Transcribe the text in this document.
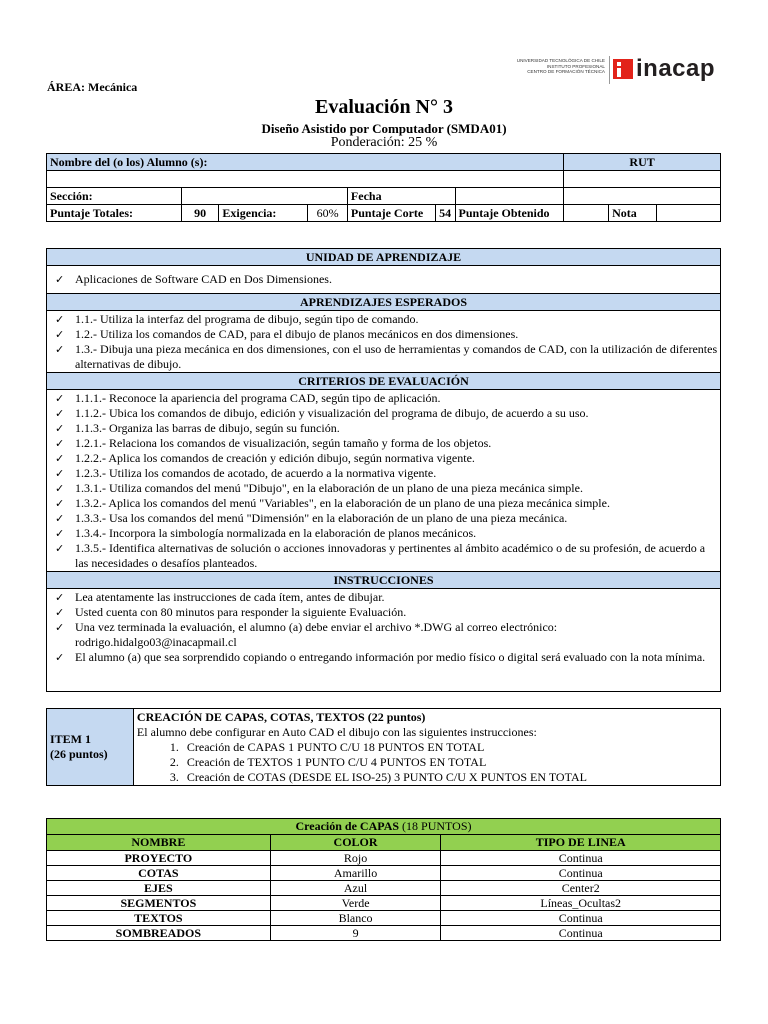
ÁREA: Mecánica
Evaluación N° 3
Diseño Asistido por Computador (SMDA01)
Ponderación: 25 %
UNIVERSIDAD TECNOLÓGICA DE CHILE
INSTITUTO PROFESIONAL
CENTRO DE FORMACIÓN TÉCNICA inacap
Nombre del (o los) Alumno (s):							RUT		

Sección:				Fecha					
Puntaje Totales:	90	Exigencia:	60%	Puntaje Corte	54	Puntaje Obtenido		Nota	
UNIDAD DE APRENDIZAJE
✓ Aplicaciones de Software CAD en Dos Dimensiones.
APRENDIZAJES ESPERADOS
✓ 1.1.- Utiliza la interfaz del programa de dibujo, según tipo de comando.
✓ 1.2.- Utiliza los comandos de CAD, para el dibujo de planos mecánicos en dos dimensiones.
✓ 1.3.- Dibuja una pieza mecánica en dos dimensiones, con el uso de herramientas y comandos de CAD, con la utilización de diferentes alternativas de dibujo.
CRITERIOS DE EVALUACIÓN
✓ 1.1.1.- Reconoce la apariencia del programa CAD, según tipo de aplicación.
✓ 1.1.2.- Ubica los comandos de dibujo, edición y visualización del programa de dibujo, de acuerdo a su uso.
✓ 1.1.3.- Organiza las barras de dibujo, según su función.
✓ 1.2.1.- Relaciona los comandos de visualización, según tamaño y forma de los objetos.
✓ 1.2.2.- Aplica los comandos de creación y edición dibujo, según normativa vigente.
✓ 1.2.3.- Utiliza los comandos de acotado, de acuerdo a la normativa vigente.
✓ 1.3.1.- Utiliza comandos del menú "Dibujo", en la elaboración de un plano de una pieza mecánica simple.
✓ 1.3.2.- Aplica los comandos del menú "Variables", en la elaboración de un plano de una pieza mecánica simple.
✓ 1.3.3.- Usa los comandos del menú "Dimensión" en la elaboración de un plano de una pieza mecánica.
✓ 1.3.4.- Incorpora la simbología normalizada en la elaboración de planos mecánicos.
✓ 1.3.5.- Identifica alternativas de solución o acciones innovadoras y pertinentes al ámbito académico o de su profesión, de acuerdo a las necesidades o desafíos planteados.
INSTRUCCIONES
✓ Lea atentamente las instrucciones de cada ítem, antes de dibujar.
✓ Usted cuenta con 80 minutos para responder la siguiente Evaluación.
✓ Una vez terminada la evaluación, el alumno (a) debe enviar el archivo *.DWG al correo electrónico: rodrigo.hidalgo03@inacapmail.cl
✓ El alumno (a) que sea sorprendido copiando o entregando información por medio físico o digital será evaluado con la nota mínima.
ITEM 1
(26 puntos)

CREACIÓN DE CAPAS, COTAS, TEXTOS (22 puntos)
El alumno debe configurar en Auto CAD el dibujo con las siguientes instrucciones:
1. Creación de CAPAS 1 PUNTO C/U 18 PUNTOS EN TOTAL
2. Creación de TEXTOS 1 PUNTO C/U 4 PUNTOS EN TOTAL
3. Creación de COTAS (DESDE EL ISO-25) 3 PUNTO C/U X PUNTOS EN TOTAL
Creación de CAPAS (18 PUNTOS)		
NOMBRE	COLOR	TIPO DE LINEA
PROYECTO	Rojo	Continua
COTAS	Amarillo	Continua
EJES	Azul	Center2
SEGMENTOS	Verde	Líneas_Ocultas2
TEXTOS	Blanco	Continua
SOMBREADOS	9	Continua
